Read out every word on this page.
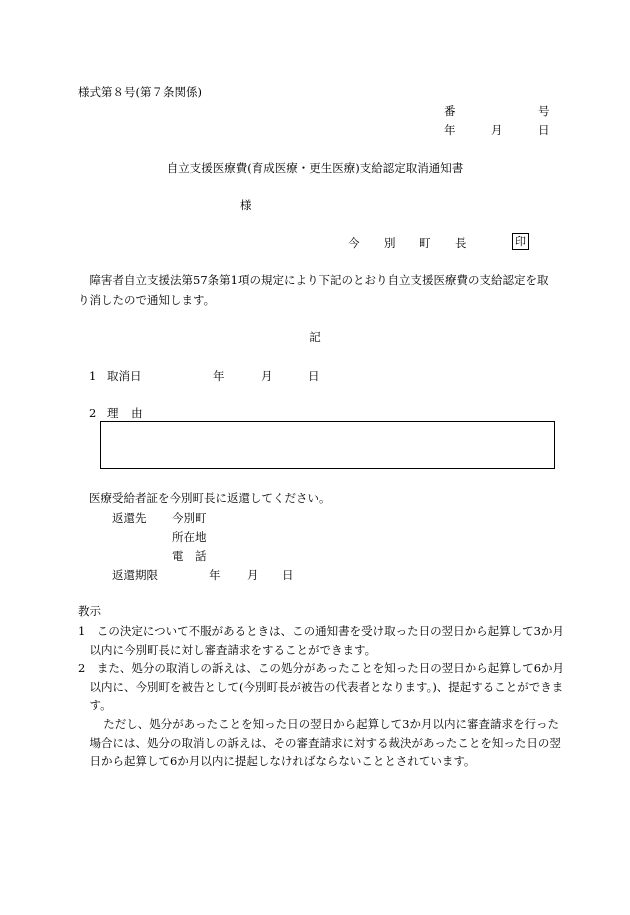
様式第８号(第７条関係)
番	号
年	月	日
自立支援医療費(育成医療・更生医療)支給認定取消通知書
様
今 別 町 長	印
障害者自立支援法第57条第1項の規定により下記のとおり自立支援医療費の支給認定を取り消したので通知します。
記
1 取消日	年	月	日
2 理由
医療受給者証を今別町長に返還してください。
返還先 今別町
所在地
電話
返還期限	年 月 日
教示
1　この決定について不服があるときは、この通知書を受け取った日の翌日から起算して3か月以内に今別町長に対し審査請求をすることができます。
2　また、処分の取消しの訴えは、この処分があったことを知った日の翌日から起算して6か月以内に、今別町を被告として(今別町長が被告の代表者となります。)、提起することができます。
ただし、処分があったことを知った日の翌日から起算して3か月以内に審査請求を行った場合には、処分の取消しの訴えは、その審査請求に対する裁決があったことを知った日の翌日から起算して6か月以内に提起しなければならないこととされています。
